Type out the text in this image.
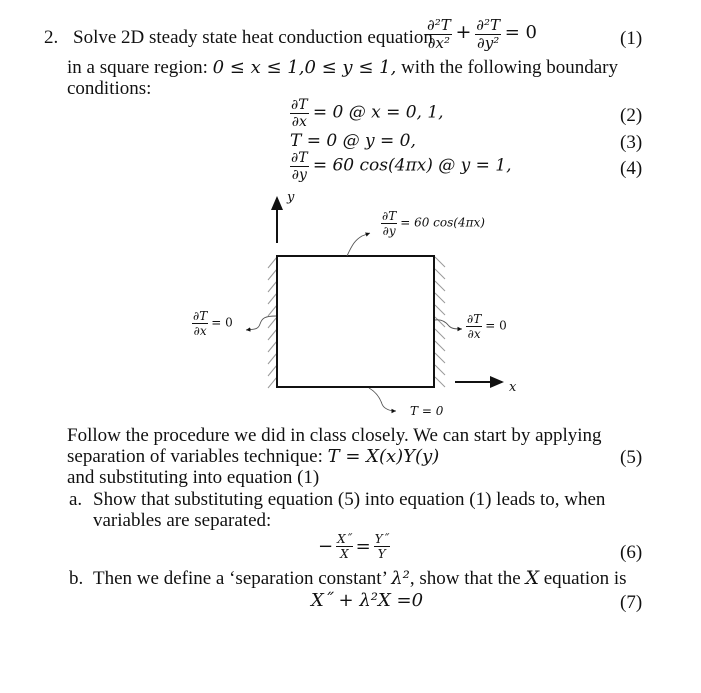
2. Solve 2D steady state heat conduction equation
$\frac{\text{∂²T}}{\text{∂x²}} + \frac{\text{∂²T}}{\text{∂y²}} = 0$	(1)
in a square region: 0 ≤ x ≤ 1,0 ≤ y ≤ 1, with the following boundary
conditions:
$\frac{\partial T}{\partial x} = 0$ @ x = 0, 1,	(2)
T = 0 @ y = 0,	(3)
$\frac{\partial T}{\partial y} = 60$ cos(4πx) @ y = 1,	(4)
y
x
$\frac{\partial T}{\partial y} = 60$ cos(4πx)
$\frac{\partial T}{\partial x} = 0$	$\frac{\partial T}{\partial x} = 0$
T = 0
Follow the procedure we did in class closely. We can start by applying
separation of variables technique: T = X(x)Y(y)	(5)
and substituting into equation (1)
a. Show that substituting equation (5) into equation (1) leads to, when
variables are separated:
− $\frac{X˝}{X} = \frac{Y˝}{Y}$	(6)
b. Then we define a ‘separation constant’ λ², show that the X equation is
X˝ + λ²X =0	(7)
